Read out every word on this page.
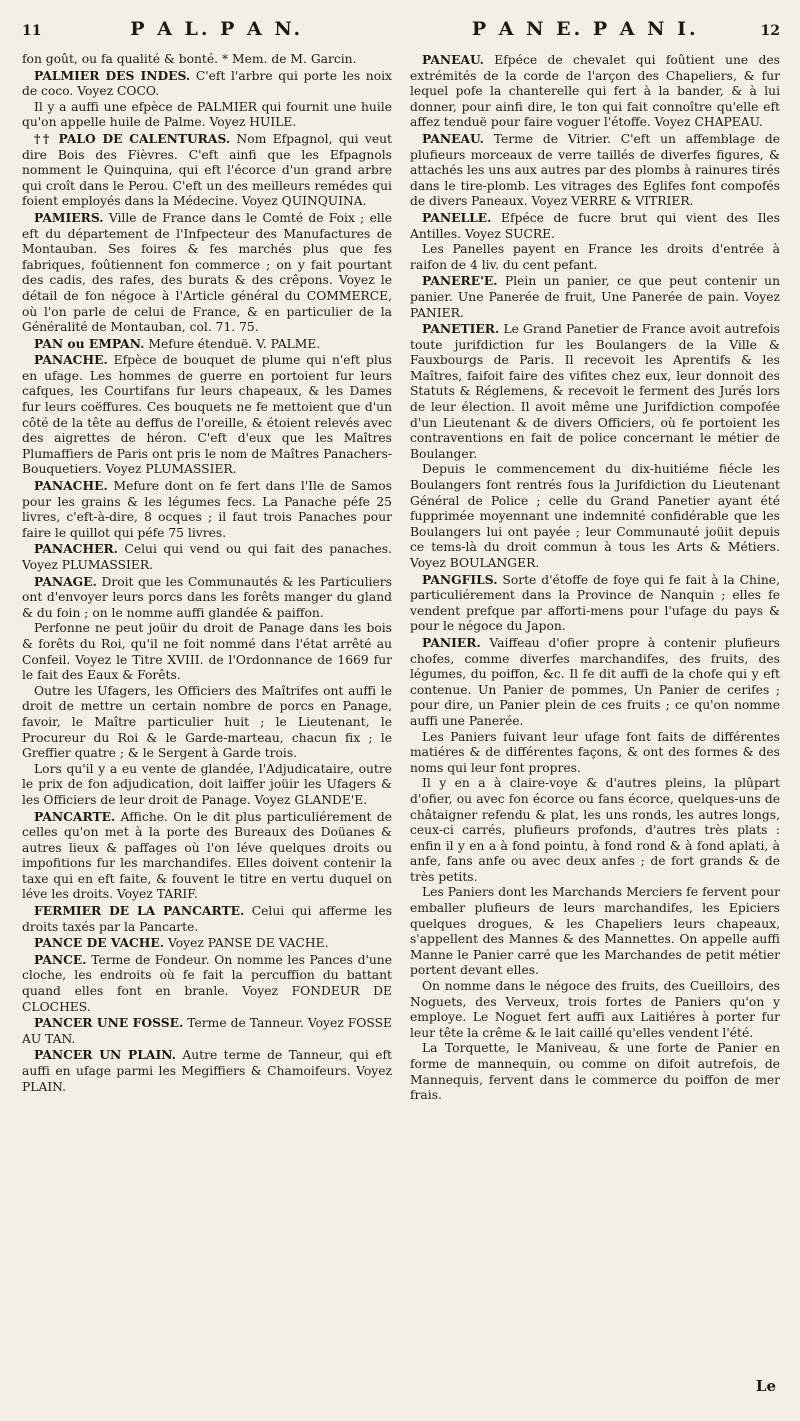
11	P A L. P A N.	P A N E. P A N I.	12

fon goût, ou fa qualité & bonté. * Mem. de M. Garcin.

PALMIER DES INDES. C'eft l'arbre qui porte les noix de coco. Voyez COCO.

Il y a auffi une efpèce de PALMIER qui fournit une huile qu'on appelle huile de Palme. Voyez HUILE.

†† PALO DE CALENTURAS. Nom Efpagnol, qui veut dire Bois des Fièvres. C'eft ainfi que les Efpagnols nomment le Quinquina, qui eft l'écorce d'un grand arbre qui croît dans le Perou. C'eft un des meilleurs remédes qui foient employés dans la Médecine. Voyez QUINQUINA.

PAMIERS. Ville de France dans le Comté de Foix ; elle eft du département de l'Infpecteur des Manufactures de Montauban. Ses foires & fes marchés plus que fes fabriques, foûtiennent fon commerce ; on y fait pourtant des cadis, des rafes, des burats & des crêpons. Voyez le détail de fon négoce à l'Article général du COMMERCE, où l'on parle de celui de France, & en particulier de la Généralité de Montauban, col. 71. 75.

PAN ou EMPAN. Mefure étenduë. V. PALME.

PANACHE. Efpèce de bouquet de plume qui n'eft plus en ufage. Les hommes de guerre en portoient fur leurs cafques, les Courtifans fur leurs chapeaux, & les Dames fur leurs coëffures. Ces bouquets ne fe mettoient que d'un côté de la tête au deffus de l'oreille, & étoient relevés avec des aigrettes de héron. C'eft d'eux que les Maîtres Plumaffiers de Paris ont pris le nom de Maîtres Panachers-Bouquetiers. Voyez PLUMASSIER.

PANACHE. Mefure dont on fe fert dans l'Ile de Samos pour les grains & les légumes fecs. La Panache péfe 25 livres, c'eft-à-dire, 8 ocques ; il faut trois Panaches pour faire le quillot qui péfe 75 livres.

PANACHER. Celui qui vend ou qui fait des panaches. Voyez PLUMASSIER.

PANAGE. Droit que les Communautés & les Particuliers ont d'envoyer leurs porcs dans les forêts manger du gland & du foin ; on le nomme auffi glandée & paiffon.

Perfonne ne peut joüir du droit de Panage dans les bois & forêts du Roi, qu'il ne foit nommé dans l'état arrêté au Confeil. Voyez le Titre XVIII. de l'Ordonnance de 1669 fur le fait des Eaux & Forêts.

Outre les Ufagers, les Officiers des Maîtrifes ont auffi le droit de mettre un certain nombre de porcs en Panage, favoir, le Maître particulier huit ; le Lieutenant, le Procureur du Roi & le Garde-marteau, chacun fix ; le Greffier quatre ; & le Sergent à Garde trois.

Lors qu'il y a eu vente de glandée, l'Adjudicataire, outre le prix de fon adjudication, doit laiffer joüir les Ufagers & les Officiers de leur droit de Panage. Voyez GLANDE'E.

PANCARTE. Affiche. On le dit plus particuliérement de celles qu'on met à la porte des Bureaux des Doüanes & autres lieux & paffages où l'on léve quelques droits ou impofitions fur les marchandifes. Elles doivent contenir la taxe qui en eft faite, & fouvent le titre en vertu duquel on léve les droits. Voyez TARIF.

FERMIER DE LA PANCARTE. Celui qui afferme les droits taxés par la Pancarte.

PANCE DE VACHE. Voyez PANSE DE VACHE.

PANCE. Terme de Fondeur. On nomme les Pances d'une cloche, les endroits où fe fait la percuffion du battant quand elles font en branle. Voyez FONDEUR DE CLOCHES.

PANCER UNE FOSSE. Terme de Tanneur. Voyez FOSSE AU TAN.

PANCER UN PLAIN. Autre terme de Tanneur, qui eft auffi en ufage parmi les Megiffiers & Chamoifeurs. Voyez PLAIN.

PANEAU. Efpéce de chevalet qui foûtient une des extrémités de la corde de l'arçon des Chapeliers, & fur lequel pofe la chanterelle qui fert à la bander, & à lui donner, pour ainfi dire, le ton qui fait connoître qu'elle eft affez tenduë pour faire voguer l'étoffe. Voyez CHAPEAU.

PANEAU. Terme de Vitrier. C'eft un affemblage de plufieurs morceaux de verre taillés de diverfes figures, & attachés les uns aux autres par des plombs à rainures tirés dans le tire-plomb. Les vitrages des Eglifes font compofés de divers Paneaux. Voyez VERRE & VITRIER.

PANELLE. Efpéce de fucre brut qui vient des Iles Antilles. Voyez SUCRE.

Les Panelles payent en France les droits d'entrée à raifon de 4 liv. du cent pefant.

PANERE'E. Plein un panier, ce que peut contenir un panier. Une Panerée de fruit, Une Panerée de pain. Voyez PANIER.

PANETIER. Le Grand Panetier de France avoit autrefois toute jurifdiction fur les Boulangers de la Ville & Fauxbourgs de Paris. Il recevoit les Aprentifs & les Maîtres, faifoit faire des vifites chez eux, leur donnoit des Statuts & Réglemens, & recevoit le ferment des Jurés lors de leur élection. Il avoit même une Jurifdiction compofée d'un Lieutenant & de divers Officiers, où fe portoient les contraventions en fait de police concernant le métier de Boulanger.

Depuis le commencement du dix-huitiéme fiécle les Boulangers font rentrés fous la Jurifdiction du Lieutenant Général de Police ; celle du Grand Panetier ayant été fupprimée moyennant une indemnité confidérable que les Boulangers lui ont payée ; leur Communauté joüit depuis ce tems-là du droit commun à tous les Arts & Métiers. Voyez BOULANGER.

PANGFILS. Sorte d'étoffe de foye qui fe fait à la Chine, particuliérement dans la Province de Nanquin ; elles fe vendent prefque par afforti-mens pour l'ufage du pays & pour le négoce du Japon.

PANIER. Vaiffeau d'ofier propre à contenir plufieurs chofes, comme diverfes marchandifes, des fruits, des légumes, du poiffon, &c. Il fe dit auffi de la chofe qui y eft contenue. Un Panier de pommes, Un Panier de cerifes ; pour dire, un Panier plein de ces fruits ; ce qu'on nomme auffi une Panerée.

Les Paniers fuivant leur ufage font faits de différentes matiéres & de différentes façons, & ont des formes & des noms qui leur font propres.

Il y en a à claire-voye & d'autres pleins, la plûpart d'ofier, ou avec fon écorce ou fans écorce, quelques-uns de châtaigner refendu & plat, les uns ronds, les autres longs, ceux-ci carrés, plufieurs profonds, d'autres très plats : enfin il y en a à fond pointu, à fond rond & à fond aplati, à anfe, fans anfe ou avec deux anfes ; de fort grands & de très petits.

Les Paniers dont les Marchands Merciers fe fervent pour emballer plufieurs de leurs marchandifes, les Epiciers quelques drogues, & les Chapeliers leurs chapeaux, s'appellent des Mannes & des Mannettes. On appelle auffi Manne le Panier carré que les Marchandes de petit métier portent devant elles.

On nomme dans le négoce des fruits, des Cueilloirs, des Noguets, des Verveux, trois fortes de Paniers qu'on y employe. Le Noguet fert auffi aux Laitiéres à porter fur leur tête la crême & le lait caillé qu'elles vendent l'été.

La Torquette, le Maniveau, & une forte de Panier en forme de mannequin, ou comme on difoit autrefois, de Mannequis, fervent dans le commerce du poiffon de mer frais.

Le
